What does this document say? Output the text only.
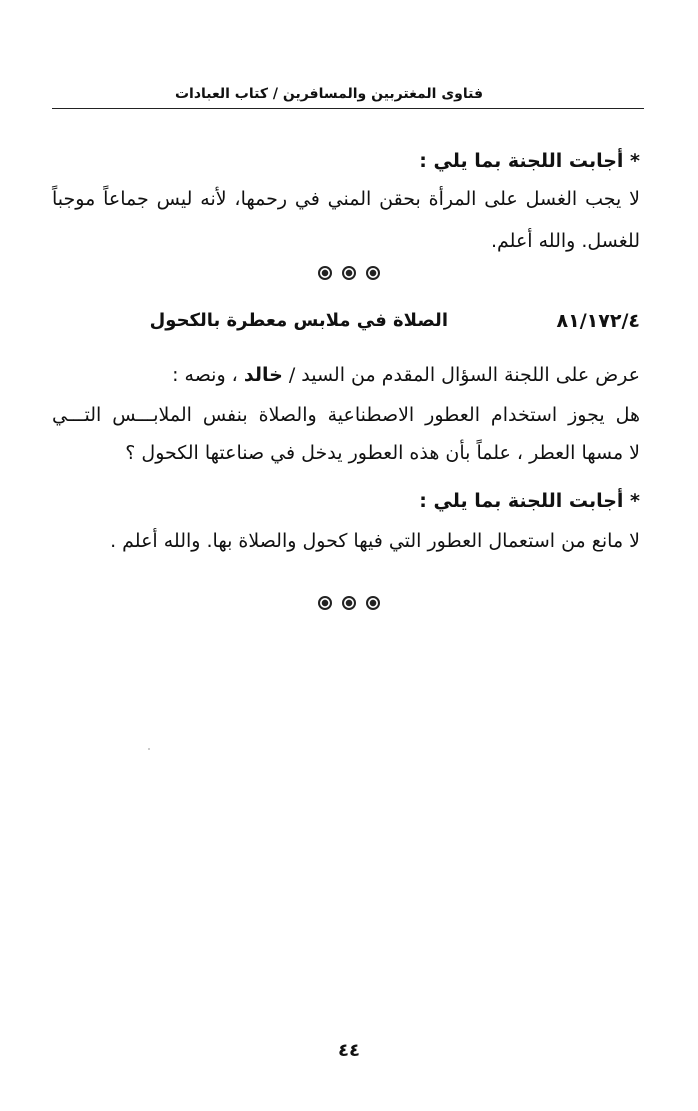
فتاوى المغتربين والمسافرين / كتاب العبادات
* أجابت اللجنة بما يلي :
لا يجب الغسل على المرأة بحقن المني في رحمها، لأنه ليس جماعاً موجباً
للغسل. والله أعلم.
٨١/١٧٢/٤
الصلاة في ملابس معطرة بالكحول
عرض على اللجنة السؤال المقدم من السيد / خالد ، ونصه :
هل يجوز استخدام العطور الاصطناعية والصلاة بنفس الملابـــس التـــي
لا مسها العطر ، علماً بأن هذه العطور يدخل في صناعتها الكحول ؟
* أجابت اللجنة بما يلي :
لا مانع من استعمال العطور التي فيها كحول والصلاة بها. والله أعلم .
٤٤
